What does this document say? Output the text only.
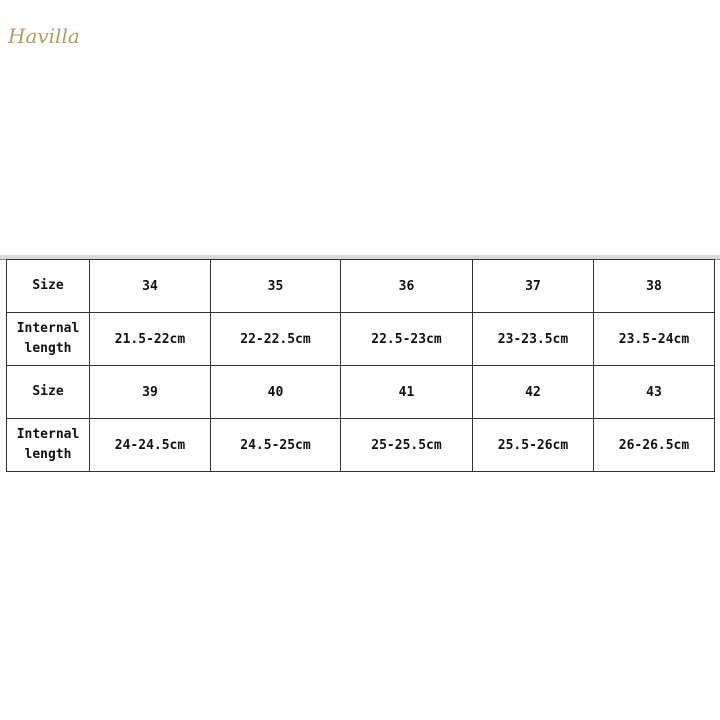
Havilla
Size	34	35	36	37	38
Internal
length	21.5-22cm	22-22.5cm	22.5-23cm	23-23.5cm	23.5-24cm
Size	39	40	41	42	43
Internal
length	24-24.5cm	24.5-25cm	25-25.5cm	25.5-26cm	26-26.5cm
